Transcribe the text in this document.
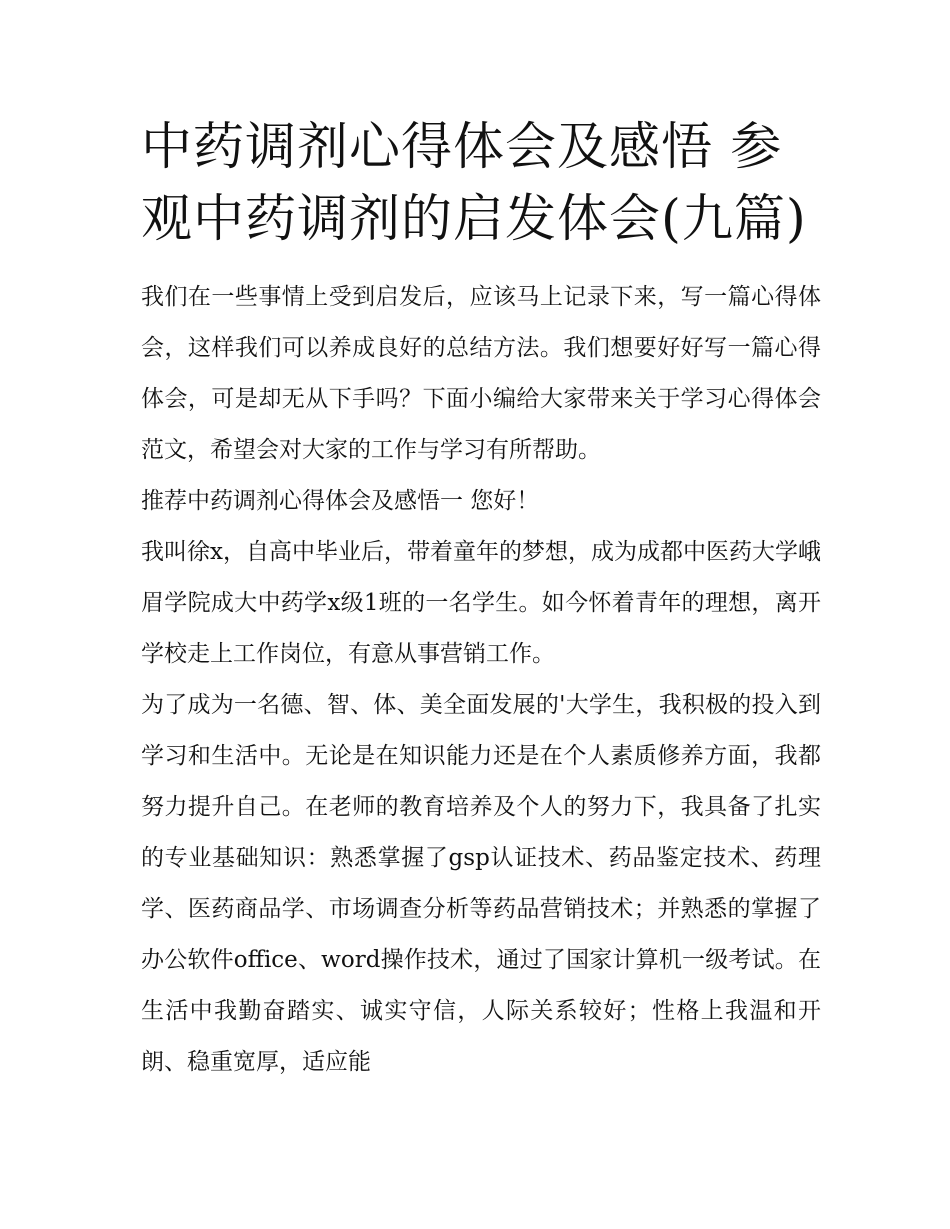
中药调剂心得体会及感悟 参观中药调剂的启发体会(九篇)

我们在一些事情上受到启发后，应该马上记录下来，写一篇心得体会，这样我们可以养成良好的总结方法。我们想要好好写一篇心得体会，可是却无从下手吗？下面小编给大家带来关于学习心得体会范文，希望会对大家的工作与学习有所帮助。

推荐中药调剂心得体会及感悟一 您好！

我叫徐x，自高中毕业后，带着童年的梦想，成为成都中医药大学峨眉学院成大中药学x级1班的一名学生。如今怀着青年的理想，离开学校走上工作岗位，有意从事营销工作。

为了成为一名德、智、体、美全面发展的'大学生，我积极的投入到学习和生活中。无论是在知识能力还是在个人素质修养方面，我都努力提升自己。在老师的教育培养及个人的努力下，我具备了扎实的专业基础知识：熟悉掌握了gsp认证技术、药品鉴定技术、药理学、医药商品学、市场调查分析等药品营销技术；并熟悉的掌握了办公软件office、word操作技术，通过了国家计算机一级考试。在生活中我勤奋踏实、诚实守信，人际关系较好；性格上我温和开朗、稳重宽厚，适应能
